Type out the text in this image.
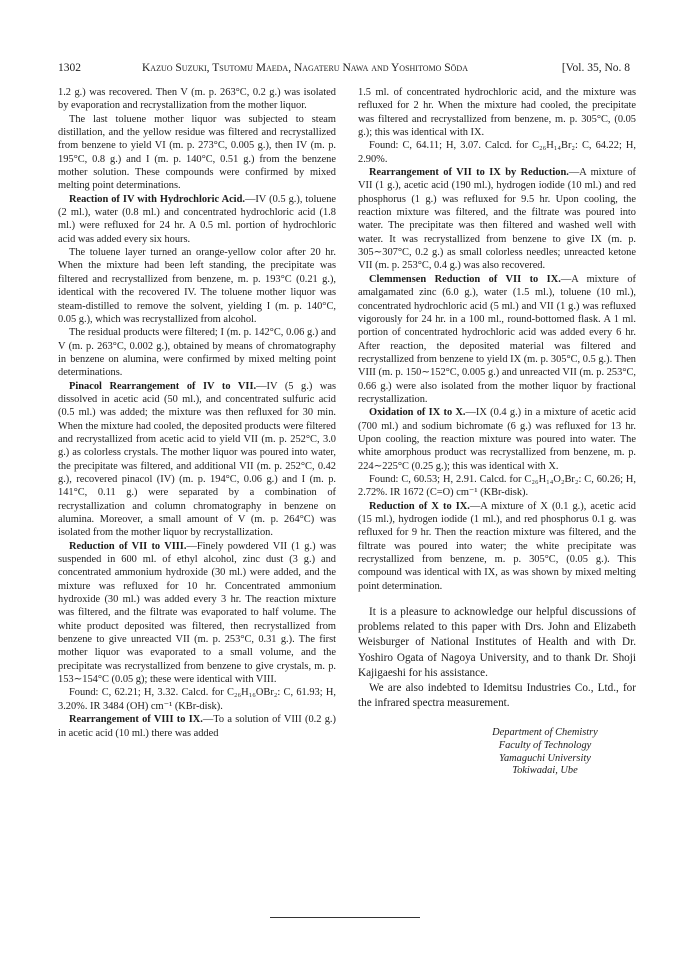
1302	Kazuo Suzuki, Tsutomu Maeda, Nagateru Nawa and Yoshitomo Sōda	[Vol. 35, No. 8

1.2 g.) was recovered. Then V (m. p. 263°C, 0.2 g.) was isolated by evaporation and recrystallization from the mother liquor.

The last toluene mother liquor was subjected to steam distillation, and the yellow residue was filtered and recrystallized from benzene to yield VI (m. p. 273°C, 0.005 g.), then IV (m. p. 195°C, 0.8 g.) and I (m. p. 140°C, 0.51 g.) from the benzene mother solution. These compounds were confirmed by mixed melting point determinations.

Reaction of IV with Hydrochloric Acid.—IV (0.5 g.), toluene (2 ml.), water (0.8 ml.) and concentrated hydrochloric acid (1.8 ml.) were refluxed for 24 hr. A 0.5 ml. portion of hydrochloric acid was added every six hours.

The toluene layer turned an orange-yellow color after 20 hr. When the mixture had been left standing, the precipitate was filtered and recrystallized from benzene, m. p. 193°C (0.21 g.), identical with the recovered IV. The toluene mother liquor was steam-distilled to remove the solvent, yielding I (m. p. 140°C, 0.05 g.), which was recrystallized from alcohol.

The residual products were filtered; I (m. p. 142°C, 0.06 g.) and V (m. p. 263°C, 0.002 g.), obtained by means of chromatography in benzene on alumina, were confirmed by mixed melting point determinations.

Pinacol Rearrangement of IV to VII.—IV (5 g.) was dissolved in acetic acid (50 ml.), and concentrated sulfuric acid (0.5 ml.) was added; the mixture was then refluxed for 30 min. When the mixture had cooled, the deposited products were filtered and recrystallized from acetic acid to yield VII (m. p. 252°C, 3.0 g.) as colorless crystals. The mother liquor was poured into water, the precipitate was filtered, and additional VII (m. p. 252°C, 0.42 g.), recovered pinacol (IV) (m. p. 194°C, 0.06 g.) and I (m. p. 141°C, 0.11 g.) were separated by a combination of recrystallization and column chromatography in benzene on alumina. Moreover, a small amount of V (m. p. 264°C) was isolated from the mother liquor by recrystallization.

Reduction of VII to VIII.—Finely powdered VII (1 g.) was suspended in 600 ml. of ethyl alcohol, zinc dust (3 g.) and concentrated ammonium hydroxide (30 ml.) were added, and the mixture was refluxed for 10 hr. Concentrated ammonium hydroxide (30 ml.) was added every 3 hr. The reaction mixture was filtered, and the filtrate was evaporated to half volume. The white product deposited was filtered, then recrystallized from benzene to give unreacted VII (m. p. 253°C, 0.31 g.). The first mother liquor was evaporated to a small volume, and the precipitate was recrystallized from benzene to give crystals, m. p. 153∼154°C (0.05 g); these were identical with VIII.

Found: C, 62.21; H, 3.32. Calcd. for C₂₆H₁₆OBr₂: C, 61.93; H, 3.20%. IR 3484 (OH) cm⁻¹ (KBr-disk).

Rearrangement of VIII to IX.—To a solution of VIII (0.2 g.) in acetic acid (10 ml.) there was added

1.5 ml. of concentrated hydrochloric acid, and the mixture was refluxed for 2 hr. When the mixture had cooled, the precipitate was filtered and recrystallized from benzene, m. p. 305°C, (0.05 g.); this was identical with IX.

Found: C, 64.11; H, 3.07. Calcd. for C₂₆H₁₄Br₂: C, 64.22; H, 2.90%.

Rearrangement of VII to IX by Reduction.—A mixture of VII (1 g.), acetic acid (190 ml.), hydrogen iodide (10 ml.) and red phosphorus (1 g.) was refluxed for 9.5 hr. Upon cooling, the reaction mixture was filtered, and the filtrate was poured into water. The precipitate was then filtered and washed well with water. It was recrystallized from benzene to give IX (m. p. 305∼307°C, 0.2 g.) as small colorless needles; unreacted ketone VII (m. p. 253°C, 0.4 g.) was also recovered.

Clemmensen Reduction of VII to IX.—A mixture of amalgamated zinc (6.0 g.), water (1.5 ml.), toluene (10 ml.), concentrated hydrochloric acid (5 ml.) and VII (1 g.) was refluxed vigorously for 24 hr. in a 100 ml., round-bottomed flask. A 1 ml. portion of concentrated hydrochloric acid was added every 6 hr. After reaction, the deposited material was filtered and recrystallized from benzene to yield IX (m. p. 305°C, 0.5 g.). Then VIII (m. p. 150∼152°C, 0.005 g.) and unreacted VII (m. p. 253°C, 0.66 g.) were also isolated from the mother liquor by fractional recrystallization.

Oxidation of IX to X.—IX (0.4 g.) in a mixture of acetic acid (700 ml.) and sodium bichromate (6 g.) was refluxed for 13 hr. Upon cooling, the reaction mixture was poured into water. The white amorphous product was recrystallized from benzene, m. p. 224∼225°C (0.25 g.); this was identical with X.

Found: C, 60.53; H, 2.91. Calcd. for C₂₆H₁₄O₂Br₂: C, 60.26; H, 2.72%. IR 1672 (C=O) cm⁻¹ (KBr-disk).

Reduction of X to IX.—A mixture of X (0.1 g.), acetic acid (15 ml.), hydrogen iodide (1 ml.), and red phosphorus 0.1 g. was refluxed for 9 hr. Then the reaction mixture was filtered, and the filtrate was poured into water; the white precipitate was recrystallized from benzene, m. p. 305°C, (0.05 g.). This compound was identical with IX, as was shown by mixed melting point determination.

It is a pleasure to acknowledge our helpful discussions of problems related to this paper with Drs. John and Elizabeth Weisburger of National Institutes of Health and with Dr. Yoshiro Ogata of Nagoya University, and to thank Dr. Shoji Kajigaeshi for his assistance.

We are also indebted to Idemitsu Industries Co., Ltd., for the infrared spectra measurement.

Department of Chemistry
Faculty of Technology
Yamaguchi University
Tokiwadai, Ube
